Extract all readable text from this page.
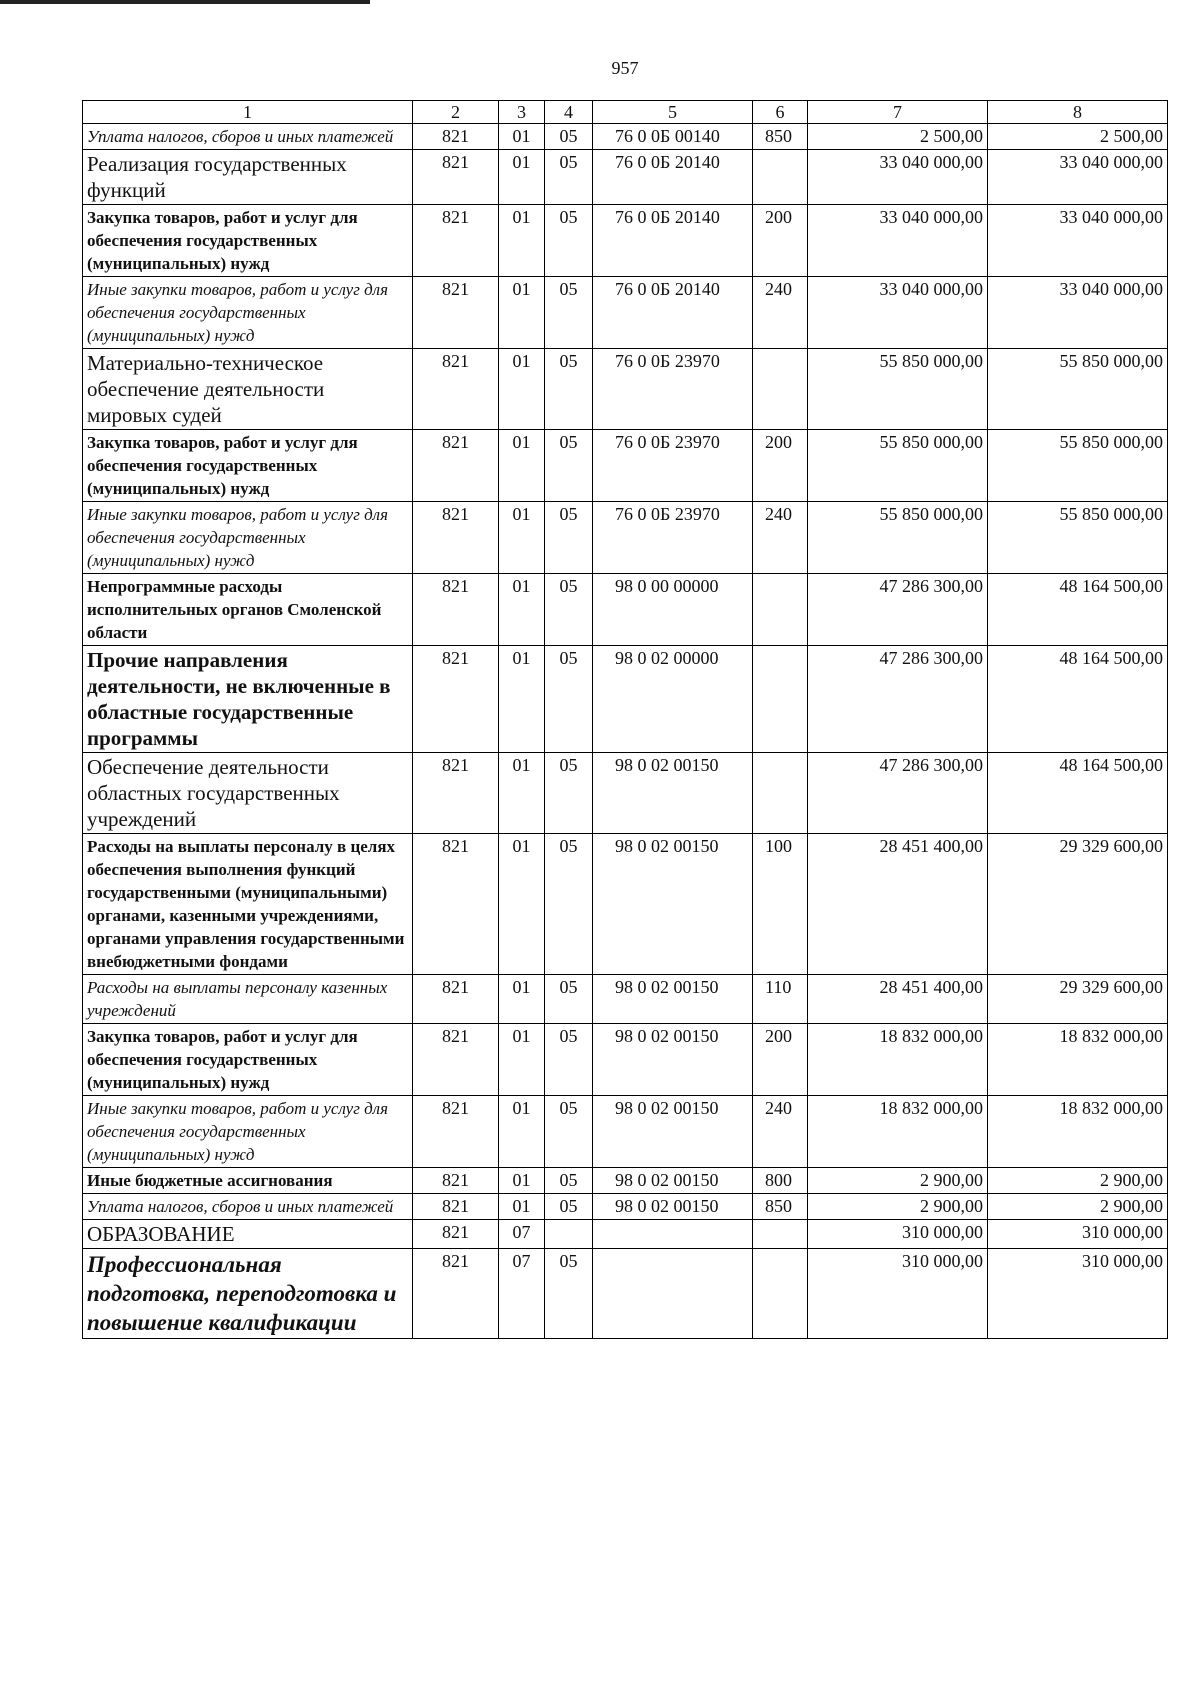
957
1	2	3	4	5	6	7	8
Уплата налогов, сборов и иных платежей	821	01	05	76 0 0Б 00140	850	2 500,00	2 500,00
Реализация государственных функций	821	01	05	76 0 0Б 20140		33 040 000,00	33 040 000,00
Закупка товаров, работ и услуг для обеспечения государственных (муниципальных) нужд	821	01	05	76 0 0Б 20140	200	33 040 000,00	33 040 000,00
Иные закупки товаров, работ и услуг для обеспечения государственных (муниципальных) нужд	821	01	05	76 0 0Б 20140	240	33 040 000,00	33 040 000,00
Материально-техническое обеспечение деятельности мировых судей	821	01	05	76 0 0Б 23970		55 850 000,00	55 850 000,00
Закупка товаров, работ и услуг для обеспечения государственных (муниципальных) нужд	821	01	05	76 0 0Б 23970	200	55 850 000,00	55 850 000,00
Иные закупки товаров, работ и услуг для обеспечения государственных (муниципальных) нужд	821	01	05	76 0 0Б 23970	240	55 850 000,00	55 850 000,00
Непрограммные расходы исполнительных органов Смоленской области	821	01	05	98 0 00 00000		47 286 300,00	48 164 500,00
Прочие направления деятельности, не включенные в областные государственные программы	821	01	05	98 0 02 00000		47 286 300,00	48 164 500,00
Обеспечение деятельности областных государственных учреждений	821	01	05	98 0 02 00150		47 286 300,00	48 164 500,00
Расходы на выплаты персоналу в целях обеспечения выполнения функций государственными (муниципальными) органами, казенными учреждениями, органами управления государственными внебюджетными фондами	821	01	05	98 0 02 00150	100	28 451 400,00	29 329 600,00
Расходы на выплаты персоналу казенных учреждений	821	01	05	98 0 02 00150	110	28 451 400,00	29 329 600,00
Закупка товаров, работ и услуг для обеспечения государственных (муниципальных) нужд	821	01	05	98 0 02 00150	200	18 832 000,00	18 832 000,00
Иные закупки товаров, работ и услуг для обеспечения государственных (муниципальных) нужд	821	01	05	98 0 02 00150	240	18 832 000,00	18 832 000,00
Иные бюджетные ассигнования	821	01	05	98 0 02 00150	800	2 900,00	2 900,00
Уплата налогов, сборов и иных платежей	821	01	05	98 0 02 00150	850	2 900,00	2 900,00
ОБРАЗОВАНИЕ	821	07				310 000,00	310 000,00
Профессиональная подготовка, переподготовка и повышение квалификации	821	07	05			310 000,00	310 000,00
